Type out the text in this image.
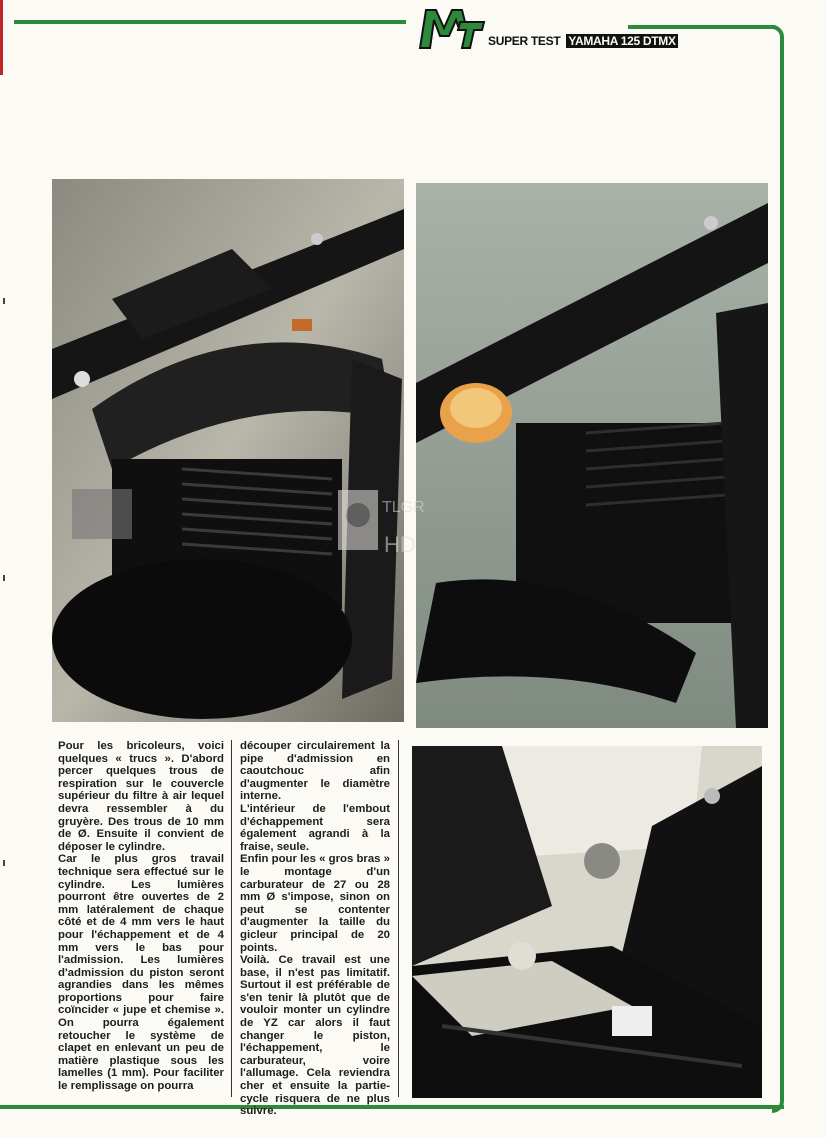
SUPER TEST YAMAHA 125 DTMX
TLGR
HD

Pour les bricoleurs, voici quelques « trucs ». D'abord percer quelques trous de respiration sur le couvercle supérieur du filtre à air lequel devra ressembler à du gruyère. Des trous de 10 mm de Ø. Ensuite il convient de déposer le cylindre.

Car le plus gros travail technique sera effectué sur le cylindre. Les lumières pourront être ouvertes de 2 mm latéralement de chaque côté et de 4 mm vers le haut pour l'échappement et de 4 mm vers le bas pour l'admission. Les lumières d'admission du piston seront agrandies dans les mêmes proportions pour faire coïncider « jupe et chemise ». On pourra également retoucher le système de clapet en enlevant un peu de matière plastique sous les lamelles (1 mm). Pour faciliter le remplissage on pourra

découper circulairement la pipe d'admission en caoutchouc afin d'augmenter le diamètre interne.

L'intérieur de l'embout d'échappement sera également agrandi à la fraise, seule.

Enfin pour les « gros bras » le montage d'un carburateur de 27 ou 28 mm Ø s'impose, sinon on peut se contenter d'augmenter la taille du gicleur principal de 20 points.

Voilà. Ce travail est une base, il n'est pas limitatif. Surtout il est préférable de s'en tenir là plutôt que de vouloir monter un cylindre de YZ car alors il faut changer le piston, l'échappement, le carburateur, voire l'allumage. Cela reviendra cher et ensuite la partie-cycle risquera de ne plus suivre.
